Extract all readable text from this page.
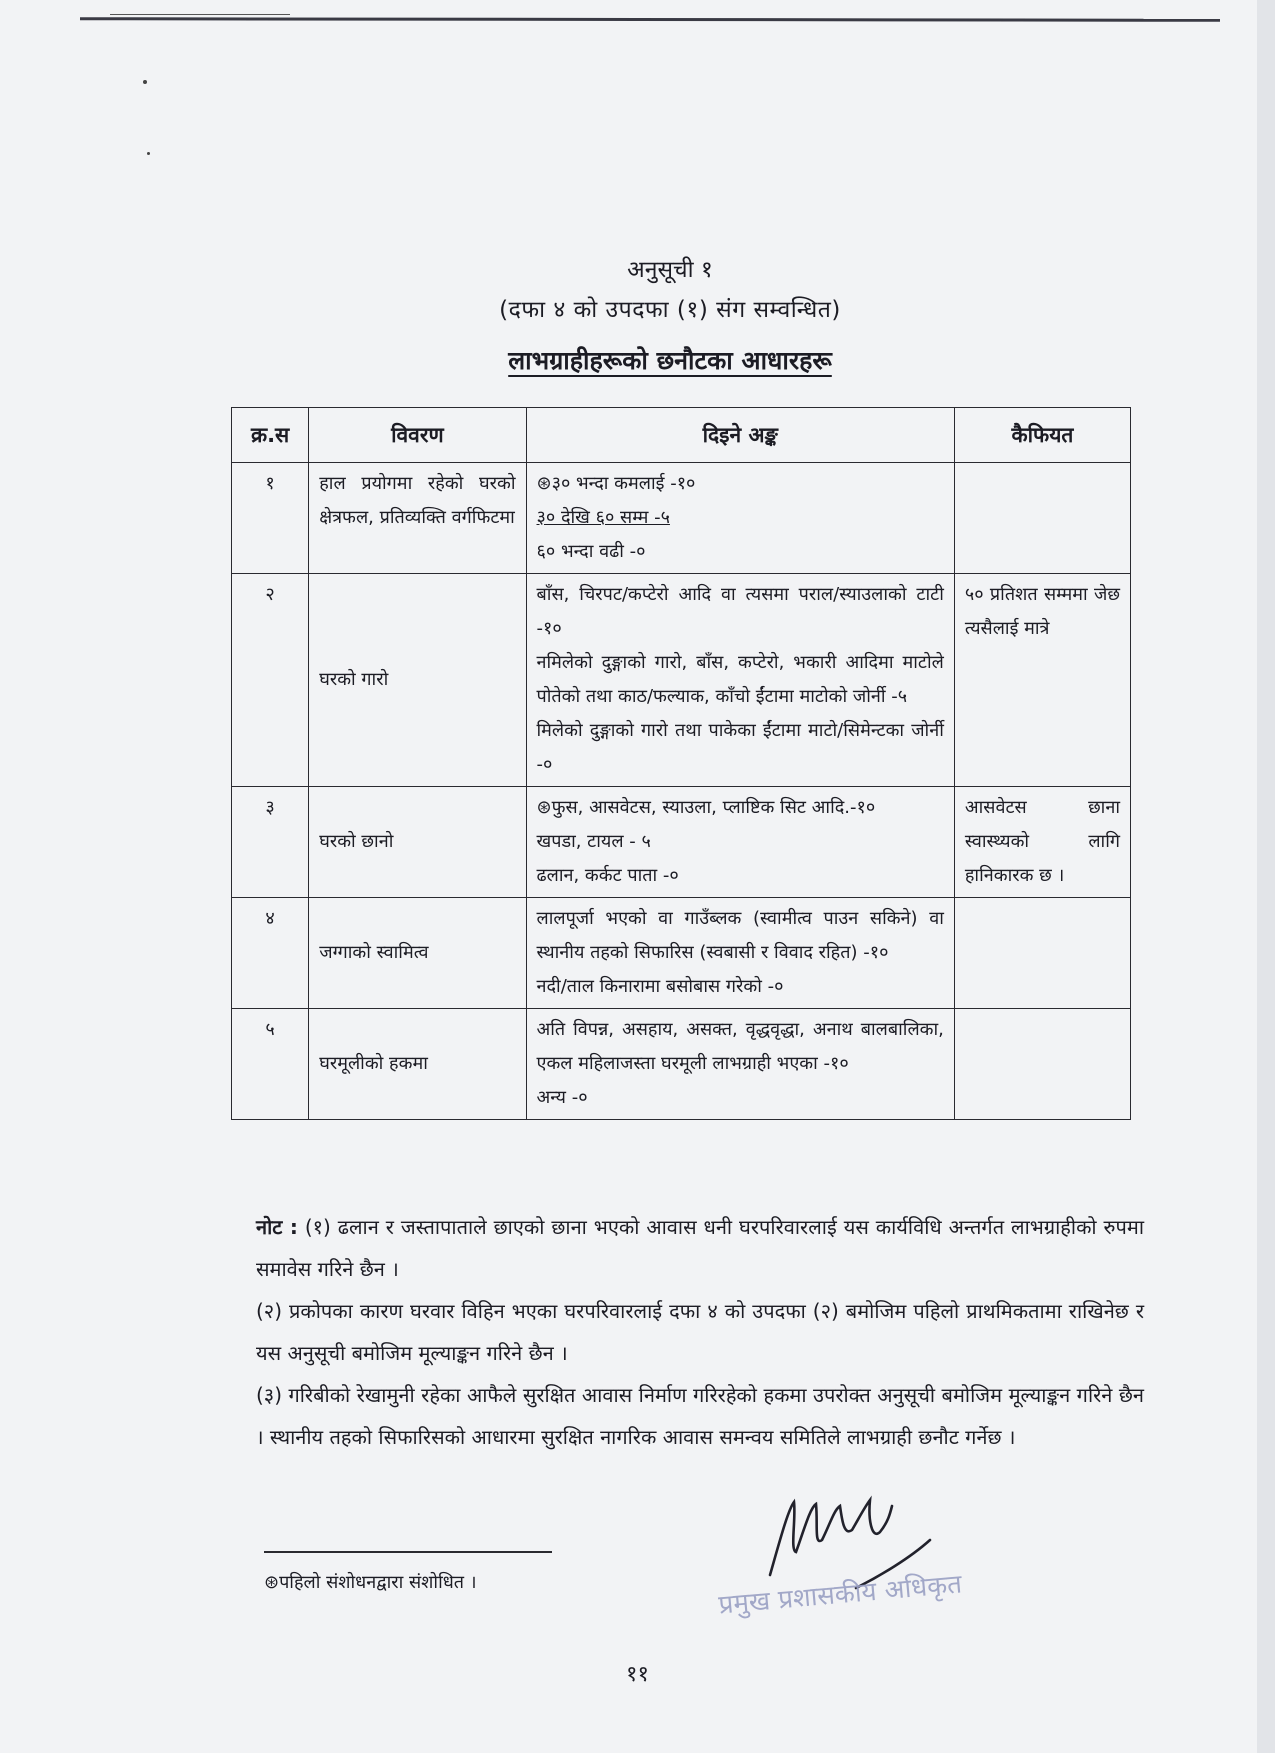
अनुसूची १
(दफा ४ को उपदफा (१) संग सम्वन्धित)
लाभग्राहीहरूको छनौटका आधारहरू
क्र.स	विवरण	दिइने अङ्क	कैफियत
१	हाल प्रयोगमा रहेको घरको क्षेत्रफल, प्रतिव्यक्ति वर्गफिटमा	⊛३० भन्दा कमलाई -१०
३० देखि ६० सम्म -५
६० भन्दा वढी -०	

२	घरको गारो	बाँस, चिरपट/कप्टेरो आदि वा त्यसमा पराल/स्याउलाको टाटी -१०
नमिलेको दुङ्गाको गारो, बाँस, कप्टेरो, भकारी आदिमा माटोले पोतेको तथा काठ/फल्याक, काँचो ईंटामा माटोको जोर्नी -५
मिलेको दुङ्गाको गारो तथा पाकेका ईंटामा माटो/सिमेन्टका जोर्नी -०	५० प्रतिशत सम्ममा जेछ त्यसैलाई मात्रे
३	घरको छानो	⊛फुस, आसवेटस, स्याउला, प्लाष्टिक सिट आदि.-१०
खपडा, टायल - ५
ढलान, कर्कट पाता -०	आसवेटस छाना स्वास्थ्यको लागि हानिकारक छ ।
४	जग्गाको स्वामित्व	लालपूर्जा भएको वा गाउँब्लक (स्वामीत्व पाउन सकिने) वा स्थानीय तहको सिफारिस (स्वबासी र विवाद रहित) -१०
नदी/ताल किनारामा बसोबास गरेको -०	

५	घरमूलीको हकमा	अति विपन्न, असहाय, असक्त, वृद्धवृद्धा, अनाथ बालबालिका, एकल महिलाजस्ता घरमूली लाभग्राही भएका -१०
अन्य -०	

नोट : (१) ढलान र जस्तापाताले छाएको छाना भएको आवास धनी घरपरिवारलाई यस कार्यविधि अन्तर्गत लाभग्राहीको रुपमा समावेस गरिने छैन ।

(२) प्रकोपका कारण घरवार विहिन भएका घरपरिवारलाई दफा ४ को उपदफा (२) बमोजिम पहिलो प्राथमिकतामा राखिनेछ र यस अनुसूची बमोजिम मूल्याङ्कन गरिने छैन ।

(३) गरिबीको रेखामुनी रहेका आफैले सुरक्षित आवास निर्माण गरिरहेको हकमा उपरोक्त अनुसूची बमोजिम मूल्याङ्कन गरिने छैन । स्थानीय तहको सिफारिसको आधारमा सुरक्षित नागरिक आवास समन्वय समितिले लाभग्राही छनौट गर्नेछ ।

प्रमुख प्रशासकीय अधिकृत
⊛पहिलो संशोधनद्वारा संशोधित ।
११
